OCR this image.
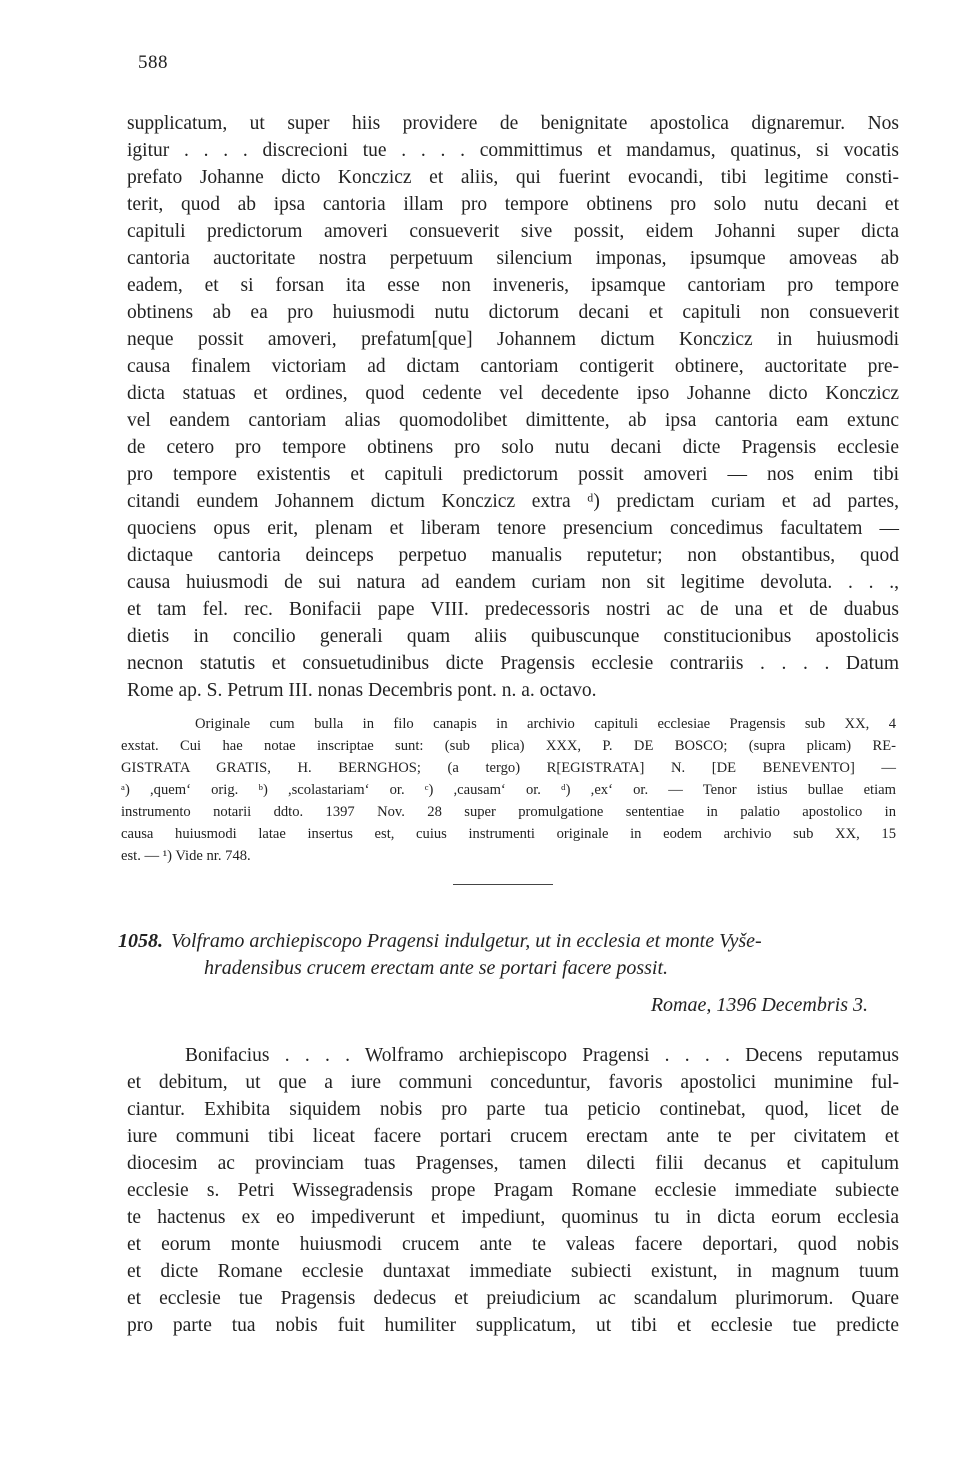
588
supplicatum, ut super hiis providere de benignitate apostolica dignaremur. Nos
igitur . . . . discrecioni tue . . . . committimus et mandamus, quatinus, si vocatis
prefato Johanne dicto Konczicz et aliis, qui fuerint evocandi, tibi legitime consti-
terit, quod ab ipsa cantoria illam pro tempore obtinens pro solo nutu decani et
capituli predictorum amoveri consueverit sive possit, eidem Johanni super dicta
cantoria auctoritate nostra perpetuum silencium imponas, ipsumque amoveas ab
eadem, et si forsan ita esse non inveneris, ipsamque cantoriam pro tempore
obtinens ab ea pro huiusmodi nutu dictorum decani et capituli non consueverit
neque possit amoveri, prefatum[que] Johannem dictum Konczicz in huiusmodi
causa finalem victoriam ad dictam cantoriam contigerit obtinere, auctoritate pre-
dicta statuas et ordines, quod cedente vel decedente ipso Johanne dicto Konczicz
vel eandem cantoriam alias quomodolibet dimittente, ab ipsa cantoria eam extunc
de cetero pro tempore obtinens pro solo nutu decani dicte Pragensis ecclesie
pro tempore existentis et capituli predictorum possit amoveri — nos enim tibi
citandi eundem Johannem dictum Konczicz extra ᵈ) predictam curiam et ad partes,
quociens opus erit, plenam et liberam tenore presencium concedimus facultatem —
dictaque cantoria deinceps perpetuo manualis reputetur; non obstantibus, quod
causa huiusmodi de sui natura ad eandem curiam non sit legitime devoluta. . . .,
et tam fel. rec. Bonifacii pape VIII. predecessoris nostri ac de una et de duabus
dietis in concilio generali quam aliis quibuscunque constitucionibus apostolicis
necnon statutis et consuetudinibus dicte Pragensis ecclesie contrariis . . . . Datum
Rome ap. S. Petrum III. nonas Decembris pont. n. a. octavo.
Originale cum bulla in filo canapis in archivio capituli ecclesiae Pragensis sub XX, 4
exstat. Cui hae notae inscriptae sunt: (sub plica) XXX, P. DE BOSCO; (supra plicam) RE-
GISTRATA GRATIS, H. BERNGHOS; (a tergo) R[EGISTRATA] N. [DE BENEVENTO] —
ᵃ) ,quem‘ orig. ᵇ) ,scolastariam‘ or. ᶜ) ,causam‘ or. ᵈ) ,ex‘ or. — Tenor istius bullae etiam
instrumento notarii ddto. 1397 Nov. 28 super promulgatione sententiae in palatio apostolico in
causa huiusmodi latae insertus est, cuius instrumenti originale in eodem archivio sub XX, 15
est. — ¹) Vide nr. 748.
1058. Volframo archiepiscopo Pragensi indulgetur, ut in ecclesia et monte Vyše-
hradensibus crucem erectam ante se portari facere possit.
Romae, 1396 Decembris 3.
Bonifacius . . . . Wolframo archiepiscopo Pragensi . . . . Decens reputamus
et debitum, ut que a iure communi conceduntur, favoris apostolici munimine ful-
ciantur. Exhibita siquidem nobis pro parte tua peticio continebat, quod, licet de
iure communi tibi liceat facere portari crucem erectam ante te per civitatem et
diocesim ac provinciam tuas Pragenses, tamen dilecti filii decanus et capitulum
ecclesie s. Petri Wissegradensis prope Pragam Romane ecclesie immediate subiecte
te hactenus ex eo impediverunt et impediunt, quominus tu in dicta eorum ecclesia
et eorum monte huiusmodi crucem ante te valeas facere deportari, quod nobis
et dicte Romane ecclesie duntaxat immediate subiecti existunt, in magnum tuum
et ecclesie tue Pragensis dedecus et preiudicium ac scandalum plurimorum. Quare
pro parte tua nobis fuit humiliter supplicatum, ut tibi et ecclesie tue predicte
